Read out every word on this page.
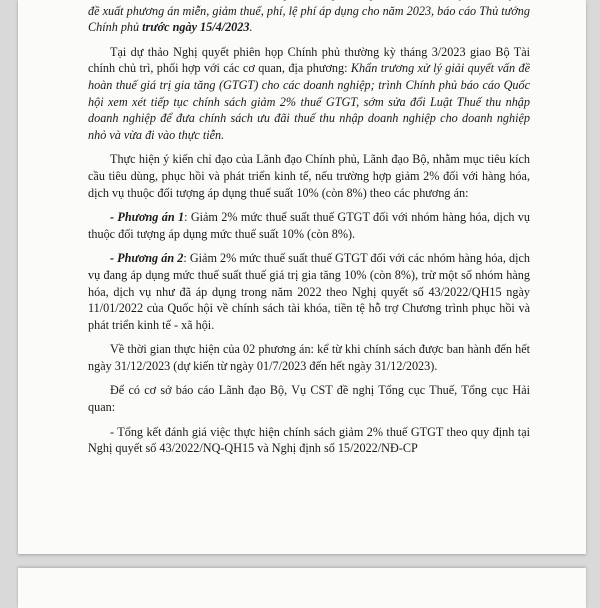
đề xuất phương án miễn, giảm thuế, phí, lệ phí áp dụng cho năm 2023, báo cáo Thủ tướng Chính phủ trước ngày 15/4/2023.

Tại dự thảo Nghị quyết phiên họp Chính phủ thường kỳ tháng 3/2023 giao Bộ Tài chính chủ trì, phối hợp với các cơ quan, địa phương: Khẩn trương xử lý giải quyết vấn đề hoàn thuế giá trị gia tăng (GTGT) cho các doanh nghiệp; trình Chính phủ báo cáo Quốc hội xem xét tiếp tục chính sách giảm 2% thuế GTGT, sớm sửa đổi Luật Thuế thu nhập doanh nghiệp để đưa chính sách ưu đãi thuế thu nhập doanh nghiệp cho doanh nghiệp nhỏ và vừa đi vào thực tiễn.

Thực hiện ý kiến chỉ đạo của Lãnh đạo Chính phủ, Lãnh đạo Bộ, nhằm mục tiêu kích cầu tiêu dùng, phục hồi và phát triển kinh tế, nếu trường hợp giảm 2% đối với hàng hóa, dịch vụ thuộc đối tượng áp dụng thuế suất 10% (còn 8%) theo các phương án:

- Phương án 1: Giảm 2% mức thuế suất thuế GTGT đối với nhóm hàng hóa, dịch vụ thuộc đối tượng áp dụng mức thuế suất 10% (còn 8%).

- Phương án 2: Giảm 2% mức thuế suất thuế GTGT đối với các nhóm hàng hóa, dịch vụ đang áp dụng mức thuế suất thuế giá trị gia tăng 10% (còn 8%), trừ một số nhóm hàng hóa, dịch vụ như đã áp dụng trong năm 2022 theo Nghị quyết số 43/2022/QH15 ngày 11/01/2022 của Quốc hội về chính sách tài khóa, tiền tệ hỗ trợ Chương trình phục hồi và phát triển kinh tế - xã hội.

Về thời gian thực hiện của 02 phương án: kể từ khi chính sách được ban hành đến hết ngày 31/12/2023 (dự kiến từ ngày 01/7/2023 đến hết ngày 31/12/2023).

Để có cơ sở báo cáo Lãnh đạo Bộ, Vụ CST đề nghị Tổng cục Thuế, Tổng cục Hải quan:

- Tổng kết đánh giá việc thực hiện chính sách giảm 2% thuế GTGT theo quy định tại Nghị quyết số 43/2022/NQ-QH15 và Nghị định số 15/2022/NĐ-CP
